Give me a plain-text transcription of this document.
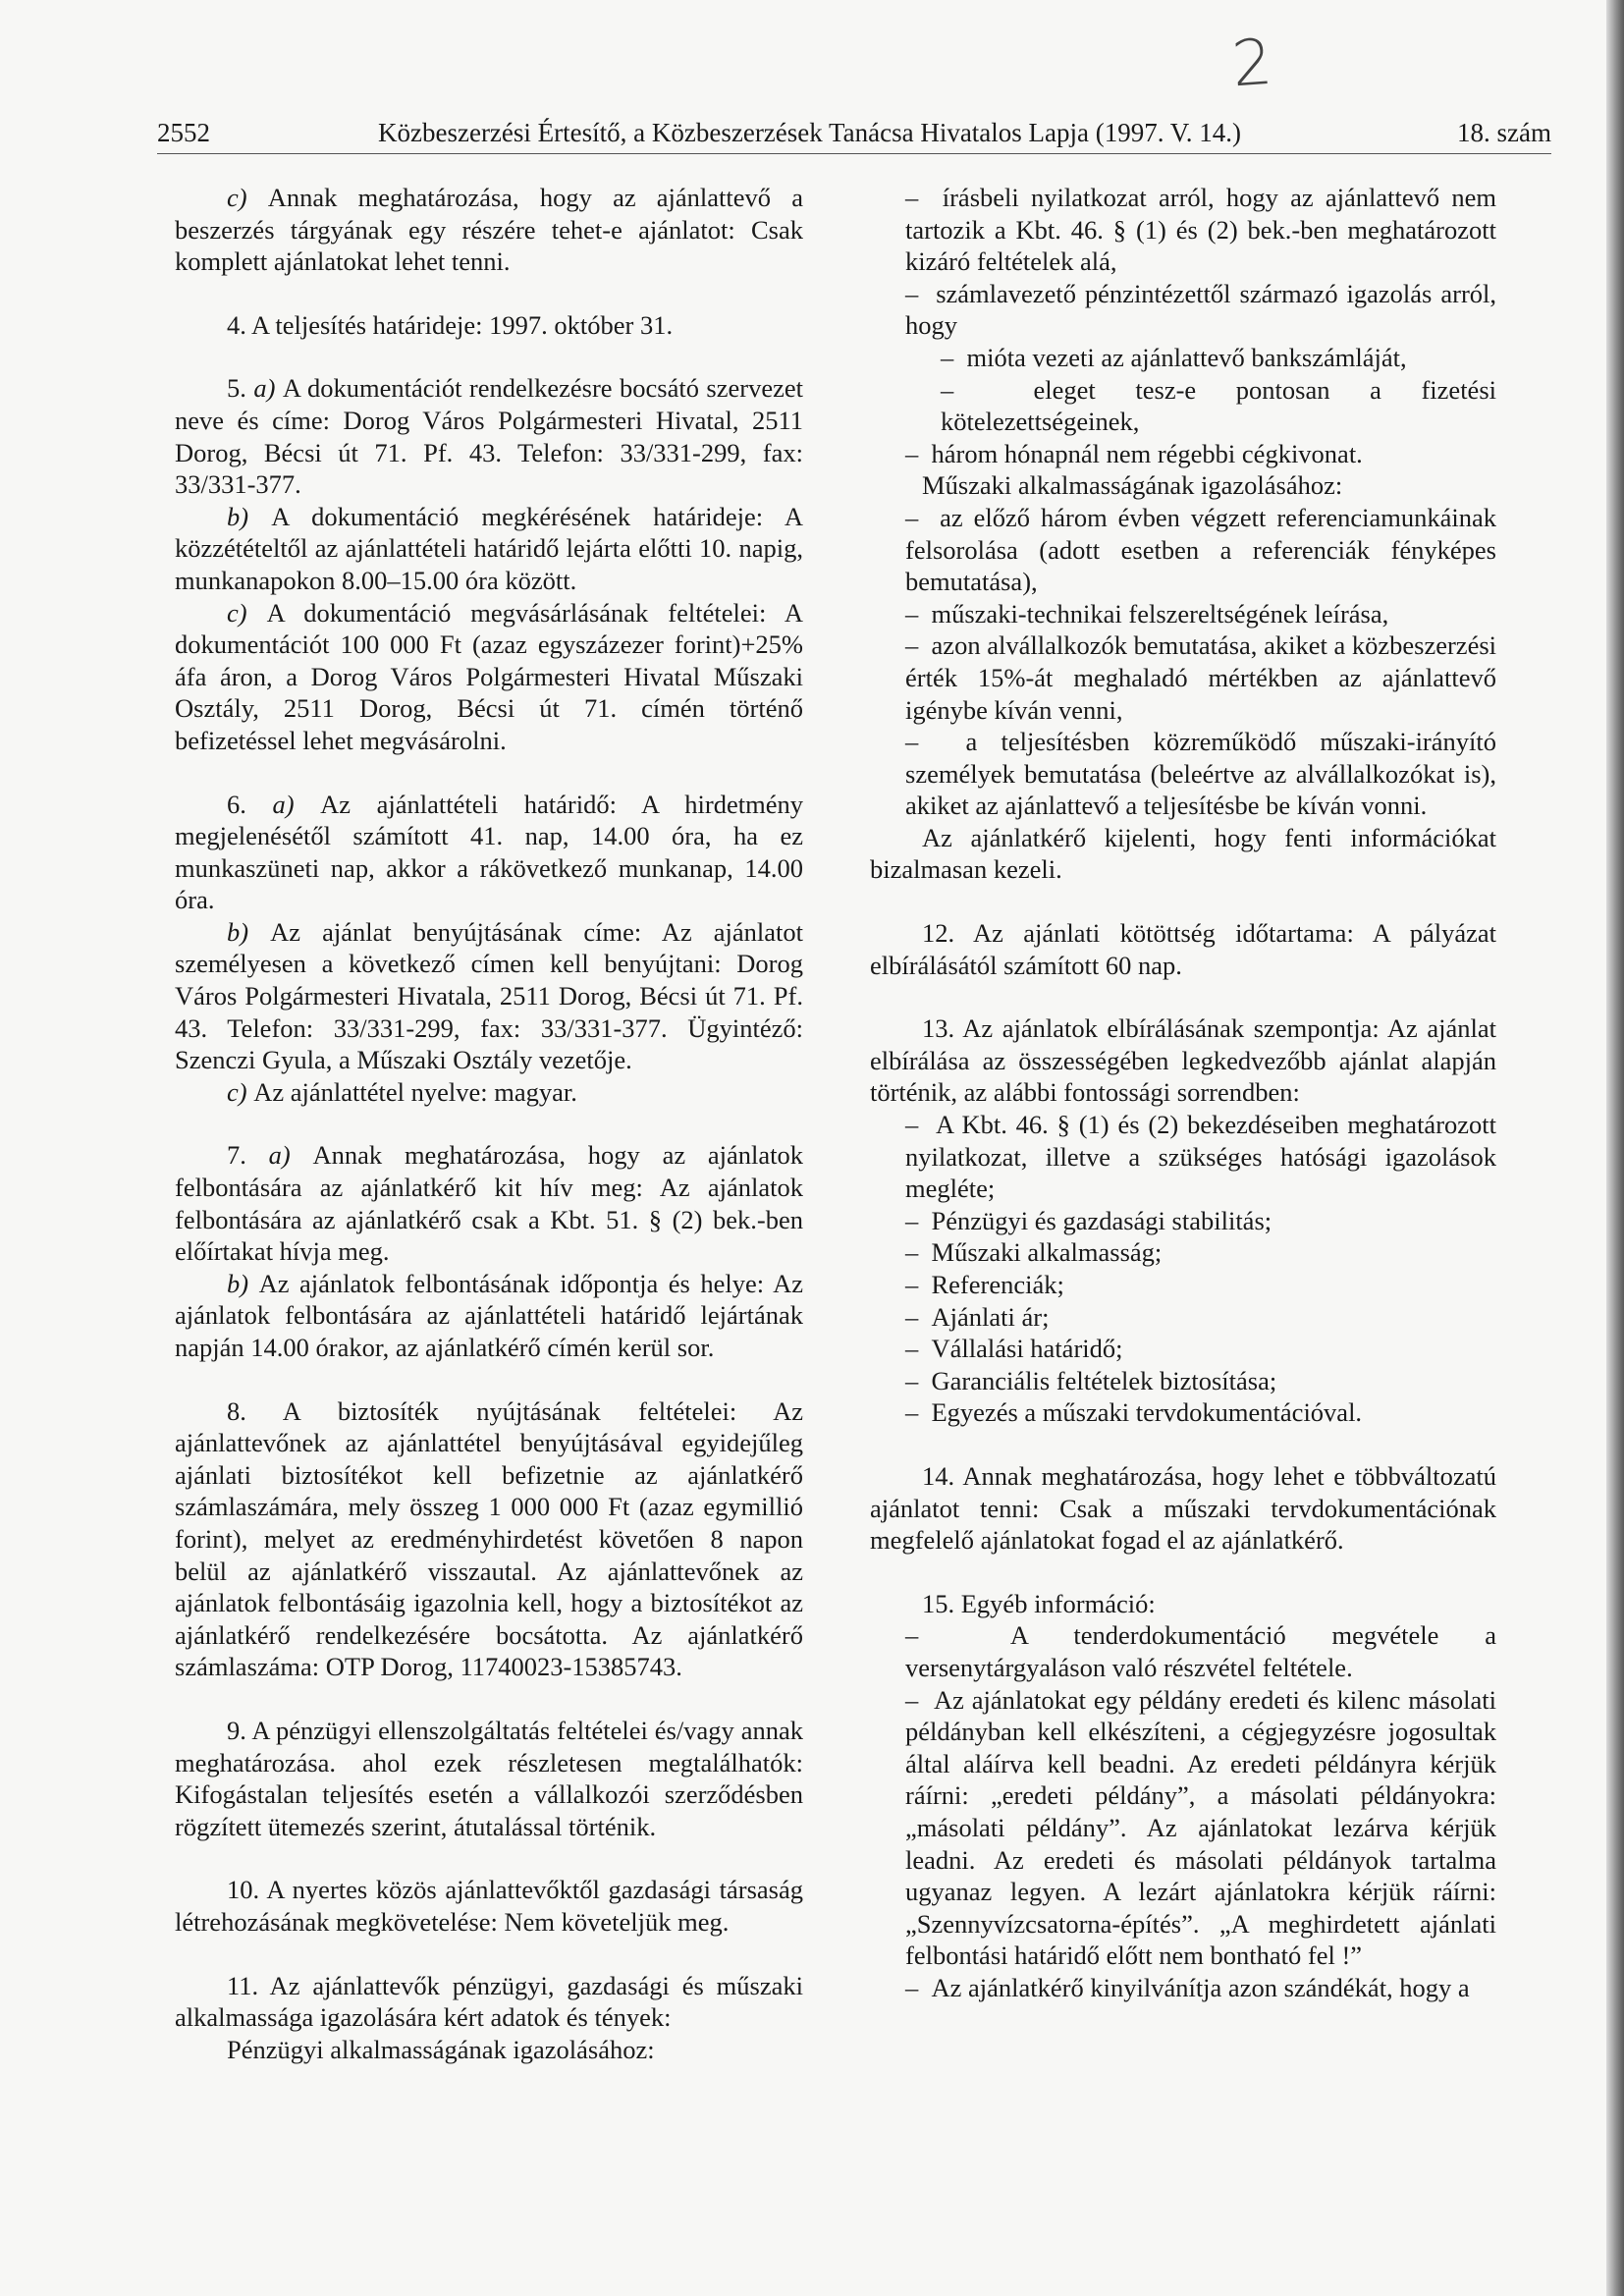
2
2552	Közbeszerzési Értesítő, a Közbeszerzések Tanácsa Hivatalos Lapja (1997. V. 14.)	18. szám

c) Annak meghatározása, hogy az ajánlattevő a beszerzés tárgyának egy részére tehet-e ajánlatot: Csak komplett ajánlatokat lehet tenni.

4. A teljesítés határideje: 1997. október 31.

5. a) A dokumentációt rendelkezésre bocsátó szervezet neve és címe: Dorog Város Polgármesteri Hivatal, 2511 Dorog, Bécsi út 71. Pf. 43. Telefon: 33/331-299, fax: 33/331-377.

b) A dokumentáció megkérésének határideje: A közzétételtől az ajánlattételi határidő lejárta előtti 10. napig, munkanapokon 8.00–15.00 óra között.

c) A dokumentáció megvásárlásának feltételei: A dokumentációt 100 000 Ft (azaz egyszázezer forint)+25% áfa áron, a Dorog Város Polgármesteri Hivatal Műszaki Osztály, 2511 Dorog, Bécsi út 71. címén történő befizetéssel lehet megvásárolni.

6. a) Az ajánlattételi határidő: A hirdetmény megjelenésétől számított 41. nap, 14.00 óra, ha ez munkaszüneti nap, akkor a rákövetkező munkanap, 14.00 óra.

b) Az ajánlat benyújtásának címe: Az ajánlatot személyesen a következő címen kell benyújtani: Dorog Város Polgármesteri Hivatala, 2511 Dorog, Bécsi út 71. Pf. 43. Telefon: 33/331-299, fax: 33/331-377. Ügyintéző: Szenczi Gyula, a Műszaki Osztály vezetője.

c) Az ajánlattétel nyelve: magyar.

7. a) Annak meghatározása, hogy az ajánlatok felbontására az ajánlatkérő kit hív meg: Az ajánlatok felbontására az ajánlatkérő csak a Kbt. 51. § (2) bek.-ben előírtakat hívja meg.

b) Az ajánlatok felbontásának időpontja és helye: Az ajánlatok felbontására az ajánlattételi határidő lejártának napján 14.00 órakor, az ajánlatkérő címén kerül sor.

8. A biztosíték nyújtásának feltételei: Az ajánlattevőnek az ajánlattétel benyújtásával egyidejűleg ajánlati biztosítékot kell befizetnie az ajánlatkérő számlaszámára, mely összeg 1 000 000 Ft (azaz egymillió forint), melyet az eredményhirdetést követően 8 napon belül az ajánlatkérő visszautal. Az ajánlattevőnek az ajánlatok felbontásáig igazolnia kell, hogy a biztosítékot az ajánlatkérő rendelkezésére bocsátotta. Az ajánlatkérő számlaszáma: OTP Dorog, 11740023-15385743.

9. A pénzügyi ellenszolgáltatás feltételei és/vagy annak meghatározása. ahol ezek részletesen megtalálhatók: Kifogástalan teljesítés esetén a vállalkozói szerződésben rögzített ütemezés szerint, átutalással történik.

10. A nyertes közös ajánlattevőktől gazdasági társaság létrehozásának megkövetelése: Nem követeljük meg.

11. Az ajánlattevők pénzügyi, gazdasági és műszaki alkalmassága igazolására kért adatok és tények:

Pénzügyi alkalmasságának igazolásához:

–  írásbeli nyilatkozat arról, hogy az ajánlattevő nem tartozik a Kbt. 46. § (1) és (2) bek.-ben meghatározott kizáró feltételek alá,

–  számlavezető pénzintézettől származó igazolás arról, hogy

–  mióta vezeti az ajánlattevő bankszámláját,

–  eleget tesz-e pontosan a fizetési kötelezettségeinek,

–  három hónapnál nem régebbi cégkivonat.

Műszaki alkalmasságának igazolásához:

–  az előző három évben végzett referenciamunkáinak felsorolása (adott esetben a referenciák fényképes bemutatása),

–  műszaki-technikai felszereltségének leírása,

–  azon alvállalkozók bemutatása, akiket a közbeszerzési érték 15%-át meghaladó mértékben az ajánlattevő igénybe kíván venni,

–  a teljesítésben közreműködő műszaki-irányító személyek bemutatása (beleértve az alvállalkozókat is), akiket az ajánlattevő a teljesítésbe be kíván vonni.

Az ajánlatkérő kijelenti, hogy fenti információkat bizalmasan kezeli.

12. Az ajánlati kötöttség időtartama: A pályázat elbírálásától számított 60 nap.

13. Az ajánlatok elbírálásának szempontja: Az ajánlat elbírálása az összességében legkedvezőbb ajánlat alapján történik, az alábbi fontossági sorrendben:

–  A Kbt. 46. § (1) és (2) bekezdéseiben meghatározott nyilatkozat, illetve a szükséges hatósági igazolások megléte;

–  Pénzügyi és gazdasági stabilitás;

–  Műszaki alkalmasság;

–  Referenciák;

–  Ajánlati ár;

–  Vállalási határidő;

–  Garanciális feltételek biztosítása;

–  Egyezés a műszaki tervdokumentációval.

14. Annak meghatározása, hogy lehet e többváltozatú ajánlatot tenni: Csak a műszaki tervdokumentációnak megfelelő ajánlatokat fogad el az ajánlatkérő.

15. Egyéb információ:

–  A tenderdokumentáció megvétele a versenytárgyaláson való részvétel feltétele.

–  Az ajánlatokat egy példány eredeti és kilenc másolati példányban kell elkészíteni, a cégjegyzésre jogosultak által aláírva kell beadni. Az eredeti példányra kérjük ráírni: „eredeti példány”, a másolati példányokra: „másolati példány”. Az ajánlatokat lezárva kérjük leadni. Az eredeti és másolati példányok tartalma ugyanaz legyen. A lezárt ajánlatokra kérjük ráírni: „Szennyvízcsatorna-építés”. „A meghirdetett ajánlati felbontási határidő előtt nem bontható fel !”

–  Az ajánlatkérő kinyilvánítja azon szándékát, hogy a
